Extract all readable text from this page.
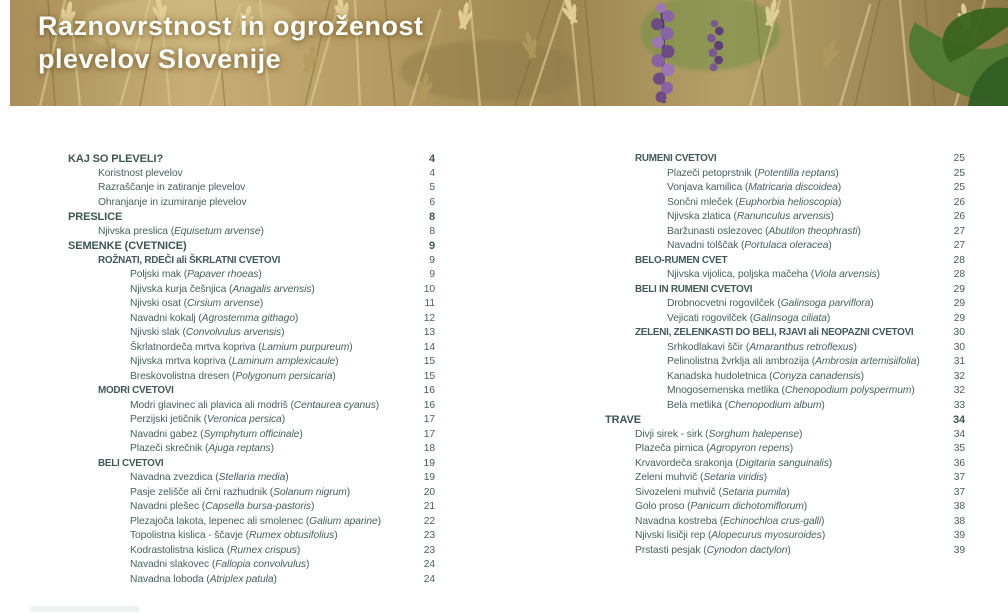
Raznovrstnost in ogroženost
plevelov Slovenije
KAJ SO PLEVELI?	4
Koristnost plevelov	4
Razraščanje in zatiranje plevelov	5
Ohranjanje in izumiranje plevelov	6
PRESLICE	8
Njivska preslica (Equisetum arvense)	8
SEMENKE (CVETNICE)	9
ROŽNATI, RDEČI ali ŠKRLATNI CVETOVI	9
Poljski mak (Papaver rhoeas)	9
Njivska kurja češnjica (Anagalis arvensis)	10
Njivski osat (Cirsium arvense)	11
Navadni kokalj (Agrostemma githago)	12
Njivski slak (Convolvulus arvensis)	13
Škrlatnordeča mrtva kopriva (Lamium purpureum)	14
Njivska mrtva kopriva (Laminum amplexicaule)	15
Breskovolistna dresen (Polygonum persicaria)	15
MODRI CVETOVI	16
Modri glavinec ali plavica ali modriš (Centaurea cyanus)	16
Perzijski jetičnik (Veronica persica)	17
Navadni gabez (Symphytum officinale)	17
Plazeči skrečnik (Ajuga reptans)	18
BELI CVETOVI	19
Navadna zvezdica (Stellaria media)	19
Pasje zelišče ali črni razhudnik (Solanum nigrum)	20
Navadni plešec (Capsella bursa-pastoris)	21
Plezajoča lakota, lepenec ali smolenec (Galium aparine)	22
Topolistna kislica - ščavje (Rumex obtusifolius)	23
Kodrastolistna kislica (Rumex crispus)	23
Navadni slakovec (Fallopia convolvulus)	24
Navadna loboda (Atriplex patula)	24
RUMENI CVETOVI	25
Plazeči petoprstnik (Potentilla reptans)	25
Vonjava kamilica (Matricaria discoidea)	25
Sončni mleček (Euphorbia helioscopia)	26
Njivska zlatica (Ranunculus arvensis)	26
Baržunasti oslezovec (Abutilon theophrasti)	27
Navadni tolščak (Portulaca oleracea)	27
BELO-RUMEN CVET	28
Njivska vijolica, poljska mačeha (Viola arvensis)	28
BELI IN RUMENI CVETOVI	29
Drobnocvetni rogovilček (Galinsoga parviflora)	29
Vejicati rogovilček (Galinsoga ciliata)	29
ZELENI, ZELENKASTI DO BELI, RJAVI ali NEOPAZNI CVETOVI	30
Srhkodlakavi ščir (Amaranthus retroflexus)	30
Pelinolistna žvrklja ali ambrozija (Ambrosia artemisiifolia)	31
Kanadska hudoletnica (Conyza canadensis)	32
Mnogosemenska metlika (Chenopodium polyspermum)	32
Bela metlika (Chenopodium album)	33
TRAVE	34
Divji sirek - sirk (Sorghum halepense)	34
Plazeča pirnica (Agropyron repens)	35
Krvavordeča srakonja (Digitaria sanguinalis)	36
Zeleni muhvič (Setaria viridis)	37
Sivozeleni muhvič (Setaria pumila)	37
Golo proso (Panicum dichotomiflorum)	38
Navadna kostreba (Echinochloa crus-galli)	38
Njivski lisičji rep (Alopecurus myosuroides)	39
Prstasti pesjak (Cynodon dactylon)	39
